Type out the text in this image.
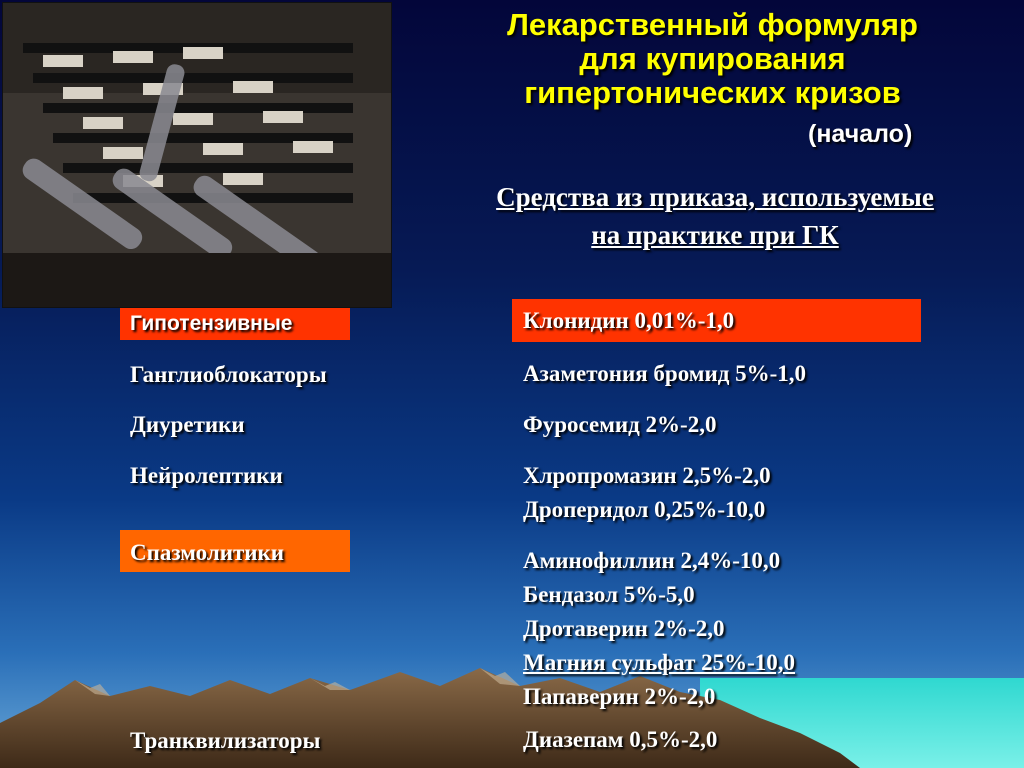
Лекарственный формуляр
для купирования
гипертонических кризов
(начало)
Средства из приказа, используемые
на практике при ГК
Гипотензивные
Ганглиоблокаторы
Диуретики
Нейролептики
Спазмолитики
Транквилизаторы
Клонидин 0,01%-1,0
Азаметония бромид 5%-1,0
Фуросемид 2%-2,0
Хлропромазин 2,5%-2,0
Дроперидол 0,25%-10,0
Аминофиллин 2,4%-10,0
Бендазол 5%-5,0
Дротаверин 2%-2,0
Магния сульфат 25%-10,0
Папаверин 2%-2,0
Диазепам 0,5%-2,0
